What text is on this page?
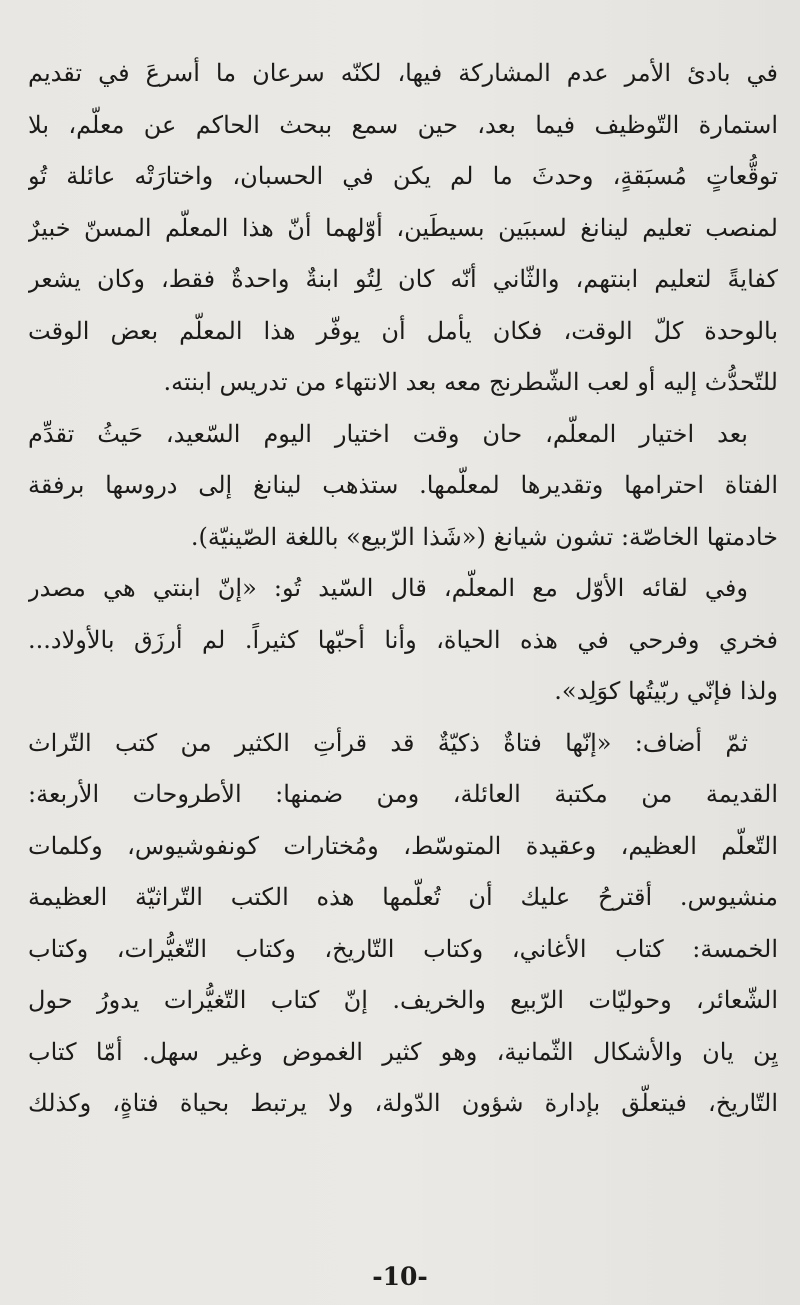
في بادئ الأمر عدم المشاركة فيها، لكنّه سرعان ما أسرعَ في تقديم
استمارة التّوظيف فيما بعد، حين سمع ببحث الحاكم عن معلّم، بلا
توقُّعاتٍ مُسبَقةٍ، وحدثَ ما لم يكن في الحسبان، واختارَتْه عائلة تُو
لمنصب تعليم لينانغ لسببَين بسيطَين، أوّلهما أنّ هذا المعلّم المسنّ خبيرٌ
كفايةً لتعليم ابنتهم، والثّاني أنّه كان لِتُو ابنةٌ واحدةٌ فقط، وكان يشعر
بالوحدة كلّ الوقت، فكان يأمل أن يوفّر هذا المعلّم بعض الوقت
للتّحدُّث إليه أو لعب الشّطرنج معه بعد الانتهاء من تدريس ابنته.
بعد اختيار المعلّم، حان وقت اختيار اليوم السّعيد، حَيثُ تقدِّم
الفتاة احترامها وتقديرها لمعلّمها. ستذهب لينانغ إلى دروسها برفقة
خادمتها الخاصّة: تشون شيانغ («شَذا الرّبيع» باللغة الصّينيّة).
وفي لقائه الأوّل مع المعلّم، قال السّيد تُو: «إنّ ابنتي هي مصدر
فخري وفرحي في هذه الحياة، وأنا أحبّها كثيراً. لم أرزَق بالأولاد...
ولذا فإنّي ربّيتُها كوَلِد».
ثمّ أضاف: «إنّها فتاةٌ ذكيّةٌ قد قرأتِ الكثير من كتب التّراث
القديمة من مكتبة العائلة، ومن ضمنها: الأطروحات الأربعة:
التّعلّم العظيم، وعقيدة المتوسّط، ومُختارات كونفوشيوس، وكلمات
منشيوس. أقترحُ عليك أن تُعلّمها هذه الكتب التّراثيّة العظيمة
الخمسة: كتاب الأغاني، وكتاب التّاريخ، وكتاب التّغيُّرات، وكتاب
الشّعائر، وحوليّات الرّبيع والخريف. إنّ كتاب التّغيُّرات يدورُ حول
يِن يان والأشكال الثّمانية، وهو كثير الغموض وغير سهل. أمّا كتاب
التّاريخ، فيتعلّق بإدارة شؤون الدّولة، ولا يرتبط بحياة فتاةٍ، وكذلك
-10-
